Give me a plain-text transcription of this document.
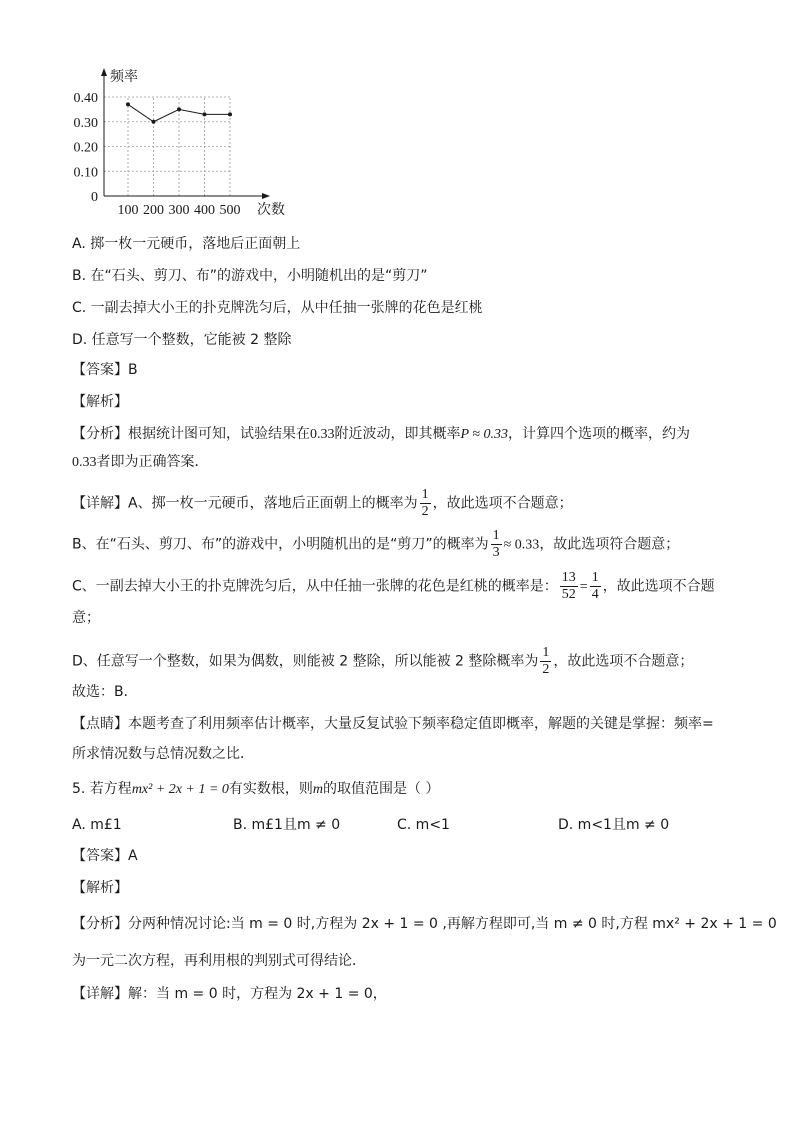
0
0.10
0.20
0.30
0.40
100 200 300 400 500
频率
次数
A. 掷一枚一元硬币，落地后正面朝上
B. 在“石头、剪刀、布”的游戏中，小明随机出的是“剪刀”
C. 一副去掉大小王的扑克牌洗匀后，从中任抽一张牌的花色是红桃
D. 任意写一个整数，它能被 2 整除
【答案】B
【解析】
【分析】根据统计图可知，试验结果在0.33附近波动，即其概率P ≈ 0.33，计算四个选项的概率，约为
0.33者即为正确答案．
【详解】A、掷一枚一元硬币，落地后正面朝上的概率为 $\frac{1}{2}$ ，故此选项不合题意；
B、在“石头、剪刀、布”的游戏中，小明随机出的是“剪刀”的概率为 $\frac{1}{3} \approx 0.33$，故此选项符合题意；
C、一副去掉大小王的扑克牌洗匀后，从中任抽一张牌的花色是红桃的概率是： $\frac{13}{52} = \frac{1}{4}$ ，故此选项不合题
意；
D、任意写一个整数，如果为偶数，则能被 2 整除，所以能被 2 整除概率为 $\frac{1}{2}$ ，故此选项不合题意；
故选：B．
【点睛】本题考查了利用频率估计概率，大量反复试验下频率稳定值即概率，解题的关键是掌握：频率=
所求情况数与总情况数之比．
5. 若方程mx² + 2x + 1 = 0有实数根，则m的取值范围是（ ）
A. m£1	B. m£1且m ≠ 0	C. m<1	D. m<1且m ≠ 0
【答案】A
【解析】
【分析】分两种情况讨论:当 m = 0 时,方程为 2x + 1 = 0 ,再解方程即可,当 m ≠ 0 时,方程 mx² + 2x + 1 = 0
为一元二次方程，再利用根的判别式可得结论．
【详解】解：当 m = 0 时，方程为 2x + 1 = 0，
